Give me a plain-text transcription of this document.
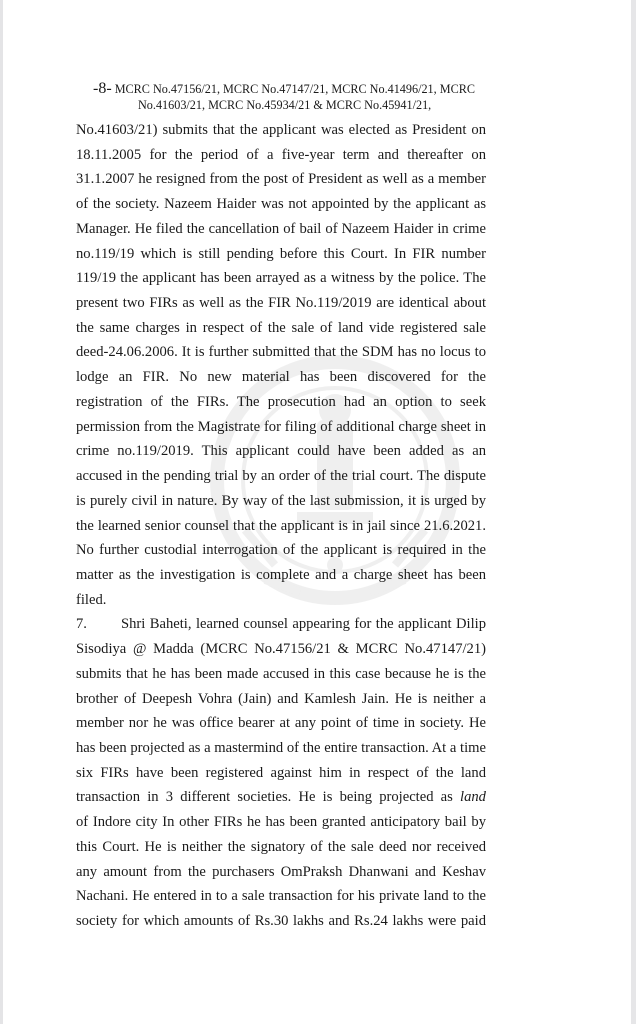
-8- MCRC No.47156/21, MCRC No.47147/21, MCRC No.41496/21, MCRC
No.41603/21, MCRC No.45934/21 & MCRC No.45941/21,
No.41603/21) submits that the applicant was elected as President on
18.11.2005 for the period of a five-year term and thereafter on
31.1.2007 he resigned from the post of President as well as a member
of the society. Nazeem Haider was not appointed by the applicant as
Manager. He filed the cancellation of bail of Nazeem Haider in crime
no.119/19 which is still pending before this Court. In FIR number
119/19 the applicant has been arrayed as a witness by the police. The
present two FIRs as well as the FIR No.119/2019 are identical about
the same charges in respect of the sale of land vide registered sale
deed-24.06.2006. It is further submitted that the SDM has no locus to
lodge an FIR. No new material has been discovered for the
registration of the FIRs. The prosecution had an option to seek
permission from the Magistrate for filing of additional charge sheet in
crime no.119/2019. This applicant could have been added as an
accused in the pending trial by an order of the trial court. The dispute
is purely civil in nature. By way of the last submission, it is urged by
the learned senior counsel that the applicant is in jail since 21.6.2021.
No further custodial interrogation of the applicant is required in the
matter as the investigation is complete and a charge sheet has been
filed.
7. Shri Baheti, learned counsel appearing for the applicant Dilip
Sisodiya @ Madda (MCRC No.47156/21 & MCRC No.47147/21)
submits that he has been made accused in this case because he is the
brother of Deepesh Vohra (Jain) and Kamlesh Jain. He is neither a
member nor he was office bearer at any point of time in society. He
has been projected as a mastermind of the entire transaction. At a time
six FIRs have been registered against him in respect of the land
transaction in 3 different societies. He is being projected as land
of Indore city In other FIRs he has been granted anticipatory bail by
this Court. He is neither the signatory of the sale deed nor received
any amount from the purchasers OmPraksh Dhanwani and Keshav
Nachani. He entered in to a sale transaction for his private land to the
society for which amounts of Rs.30 lakhs and Rs.24 lakhs were paid
